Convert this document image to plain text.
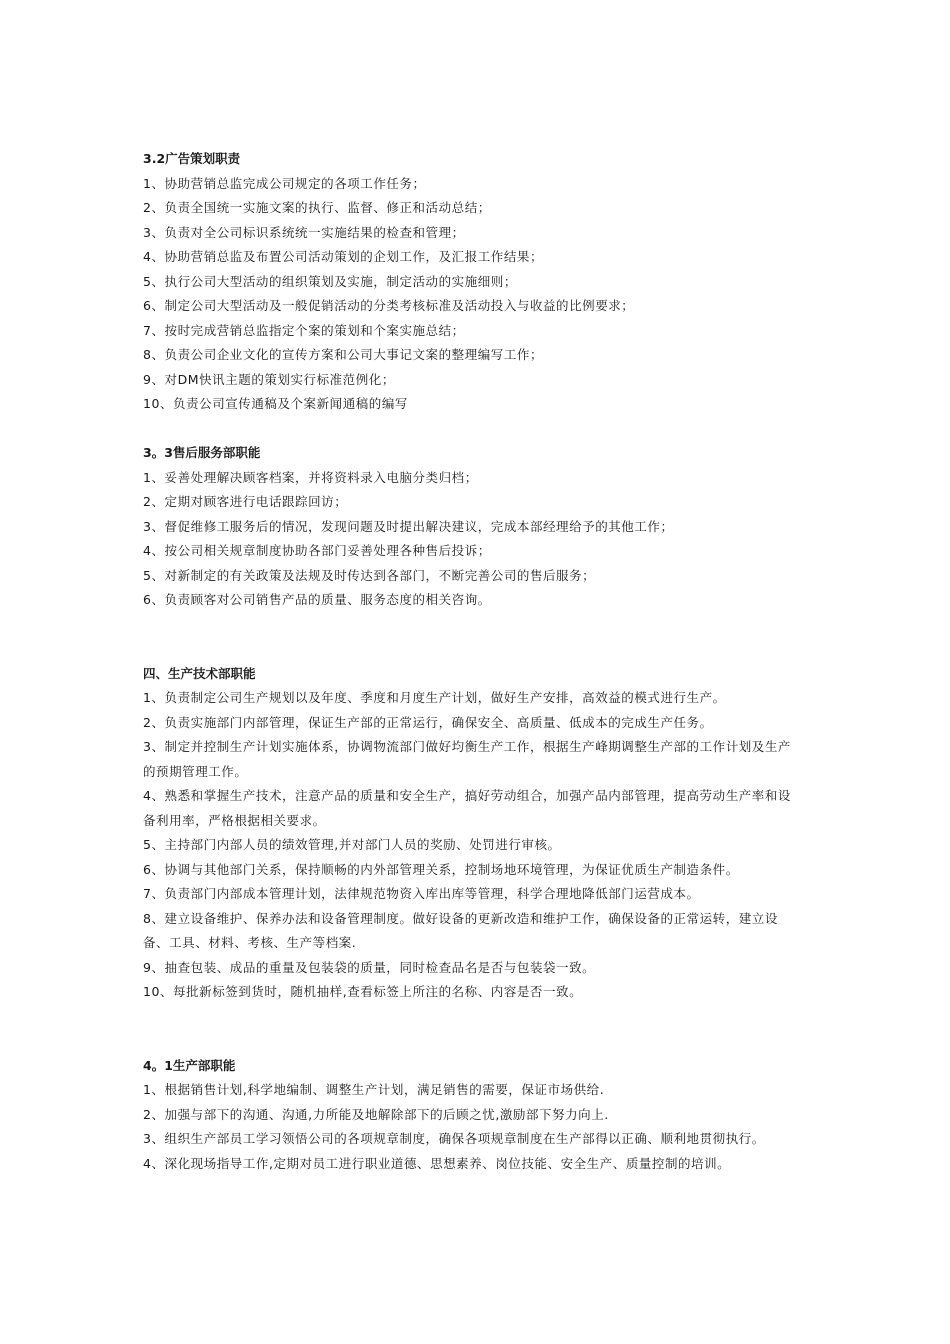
3.2广告策划职责

1、协助营销总监完成公司规定的各项工作任务；

2、负责全国统一实施文案的执行、监督、修正和活动总结；

3、负责对全公司标识系统统一实施结果的检查和管理；

4、协助营销总监及布置公司活动策划的企划工作，及汇报工作结果；

5、执行公司大型活动的组织策划及实施，制定活动的实施细则；

6、制定公司大型活动及一般促销活动的分类考核标准及活动投入与收益的比例要求；

7、按时完成营销总监指定个案的策划和个案实施总结；

8、负责公司企业文化的宣传方案和公司大事记文案的整理编写工作；

9、对DM快讯主题的策划实行标准范例化；

10、负责公司宣传通稿及个案新闻通稿的编写

3。3售后服务部职能

1、妥善处理解决顾客档案，并将资料录入电脑分类归档；

2、定期对顾客进行电话跟踪回访；

3、督促维修工服务后的情况，发现问题及时提出解决建议，完成本部经理给予的其他工作；

4、按公司相关规章制度协助各部门妥善处理各种售后投诉；

5、对新制定的有关政策及法规及时传达到各部门，不断完善公司的售后服务；

6、负责顾客对公司销售产品的质量、服务态度的相关咨询。

四、生产技术部职能

1、负责制定公司生产规划以及年度、季度和月度生产计划，做好生产安排，高效益的模式进行生产。

2、负责实施部门内部管理，保证生产部的正常运行，确保安全、高质量、低成本的完成生产任务。

3、制定并控制生产计划实施体系，协调物流部门做好均衡生产工作，根据生产峰期调整生产部的工作计划及生产的预期管理工作。

4、熟悉和掌握生产技术，注意产品的质量和安全生产，搞好劳动组合，加强产品内部管理，提高劳动生产率和设备利用率，严格根据相关要求。

5、主持部门内部人员的绩效管理,并对部门人员的奖励、处罚进行审核。

6、协调与其他部门关系，保持顺畅的内外部管理关系，控制场地环境管理，为保证优质生产制造条件。

7、负责部门内部成本管理计划，法律规范物资入库出库等管理，科学合理地降低部门运营成本。

8、建立设备维护、保养办法和设备管理制度。做好设备的更新改造和维护工作，确保设备的正常运转，建立设备、工具、材料、考核、生产等档案.

9、抽查包装、成品的重量及包装袋的质量，同时检查品名是否与包装袋一致。

10、每批新标签到货时，随机抽样,查看标签上所注的名称、内容是否一致。

4。1生产部职能

1、根据销售计划,科学地编制、调整生产计划，满足销售的需要，保证市场供给.

2、加强与部下的沟通、沟通,力所能及地解除部下的后顾之忧,激励部下努力向上.

3、组织生产部员工学习领悟公司的各项规章制度，确保各项规章制度在生产部得以正确、顺利地贯彻执行。

4、深化现场指导工作,定期对员工进行职业道德、思想素养、岗位技能、安全生产、质量控制的培训。
